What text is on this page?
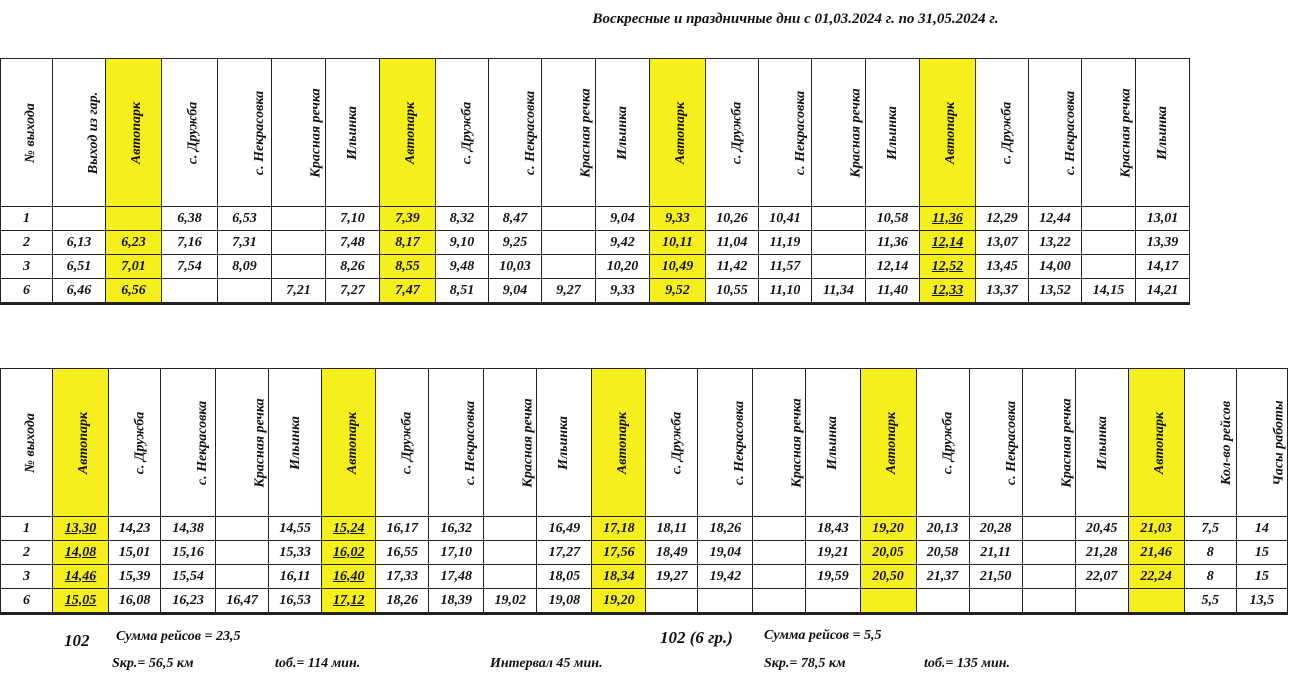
Воскресные и праздничные дни с 01,03.2024 г. по 31,05.2024 г.
№ выхода	Выход из гар.	Автопарк	с. Дружба	с. Некрасовка	Красная речка	Ильинка	Автопарк	с. Дружба	с. Некрасовка	Красная речка	Ильинка	Автопарк	с. Дружба	с. Некрасовка	Красная речка	Ильинка	Автопарк	с. Дружба	с. Некрасовка	Красная речка	Ильинка
1			6,38	6,53		7,10	7,39	8,32	8,47		9,04	9,33	10,26	10,41		10,58	11,36	12,29	12,44		13,01
2	6,13	6,23	7,16	7,31		7,48	8,17	9,10	9,25		9,42	10,11	11,04	11,19		11,36	12,14	13,07	13,22		13,39
3	6,51	7,01	7,54	8,09		8,26	8,55	9,48	10,03		10,20	10,49	11,42	11,57		12,14	12,52	13,45	14,00		14,17
6	6,46	6,56			7,21	7,27	7,47	8,51	9,04	9,27	9,33	9,52	10,55	11,10	11,34	11,40	12,33	13,37	13,52	14,15	14,21
№ выхода	Автопарк	с. Дружба	с. Некрасовка	Красная речка	Ильинка	Автопарк	с. Дружба	с. Некрасовка	Красная речка	Ильинка	Автопарк	с. Дружба	с. Некрасовка	Красная речка	Ильинка	Автопарк	с. Дружба	с. Некрасовка	Красная речка	Ильинка	Автопарк	Кол-во рейсов	Часы работы
1	13,30	14,23	14,38		14,55	15,24	16,17	16,32		16,49	17,18	18,11	18,26		18,43	19,20	20,13	20,28		20,45	21,03	7,5	14
2	14,08	15,01	15,16		15,33	16,02	16,55	17,10		17,27	17,56	18,49	19,04		19,21	20,05	20,58	21,11		21,28	21,46	8	15
3	14,46	15,39	15,54		16,11	16,40	17,33	17,48		18,05	18,34	19,27	19,42		19,59	20,50	21,37	21,50		22,07	22,24	8	15
6	15,05	16,08	16,23	16,47	16,53	17,12	18,26	18,39	19,02	19,08	19,20											5,5	13,5
102 Сумма рейсов = 23,5
Sкр.= 56,5 км	tоб.= 114 мин.	Интервал 45 мин.
102 (6 гр.) Сумма рейсов = 5,5
Sкр.= 78,5 км	tоб.= 135 мин.
